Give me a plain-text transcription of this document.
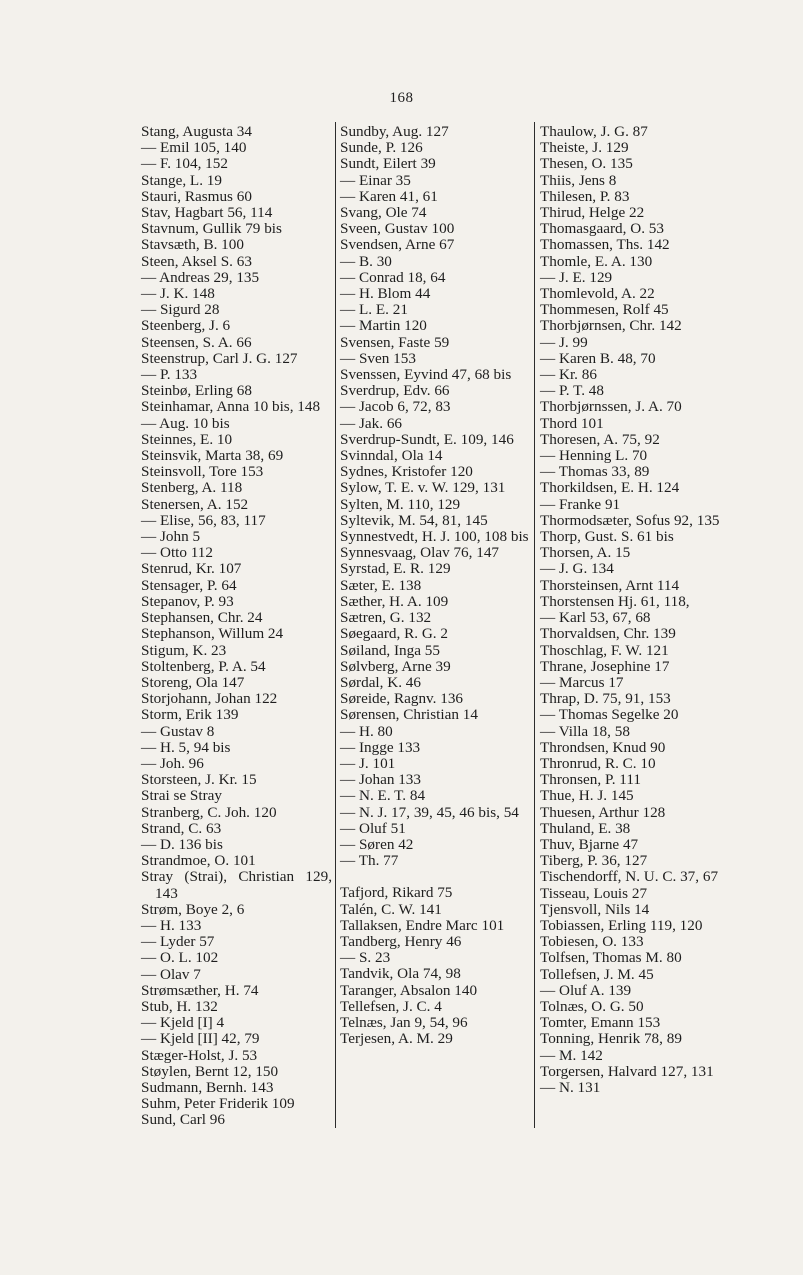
168
Stang, Augusta 34
— Emil 105, 140
— F. 104, 152
Stange, L. 19
Stauri, Rasmus 60
Stav, Hagbart 56, 114
Stavnum, Gullik 79 bis
Stavsæth, B. 100
Steen, Aksel S. 63
— Andreas 29, 135
— J. K. 148
— Sigurd 28
Steenberg, J. 6
Steensen, S. A. 66
Steenstrup, Carl J. G. 127
— P. 133
Steinbø, Erling 68
Steinhamar, Anna 10 bis, 148
— Aug. 10 bis
Steinnes, E. 10
Steinsvik, Marta 38, 69
Steinsvoll, Tore 153
Stenberg, A. 118
Stenersen, A. 152
— Elise, 56, 83, 117
— John 5
— Otto 112
Stenrud, Kr. 107
Stensager, P. 64
Stepanov, P. 93
Stephansen, Chr. 24
Stephanson, Willum 24
Stigum, K. 23
Stoltenberg, P. A. 54
Storeng, Ola 147
Storjohann, Johan 122
Storm, Erik 139
— Gustav 8
— H. 5, 94 bis
— Joh. 96
Storsteen, J. Kr. 15
Strai se Stray
Stranberg, C. Joh. 120
Strand, C. 63
— D. 136 bis
Strandmoe, O. 101
Stray (Strai), Christian 129, 143
Strøm, Boye 2, 6
— H. 133
— Lyder 57
— O. L. 102
— Olav 7
Strømsæther, H. 74
Stub, H. 132
— Kjeld [I] 4
— Kjeld [II] 42, 79
Stæger-Holst, J. 53
Støylen, Bernt 12, 150
Sudmann, Bernh. 143
Suhm, Peter Friderik 109
Sund, Carl 96
Sundby, Aug. 127
Sunde, P. 126
Sundt, Eilert 39
— Einar 35
— Karen 41, 61
Svang, Ole 74
Sveen, Gustav 100
Svendsen, Arne 67
— B. 30
— Conrad 18, 64
— H. Blom 44
— L. E. 21
— Martin 120
Svensen, Faste 59
— Sven 153
Svenssen, Eyvind 47, 68 bis
Sverdrup, Edv. 66
— Jacob 6, 72, 83
— Jak. 66
Sverdrup-Sundt, E. 109, 146
Svinndal, Ola 14
Sydnes, Kristofer 120
Sylow, T. E. v. W. 129, 131
Sylten, M. 110, 129
Syltevik, M. 54, 81, 145
Synnestvedt, H. J. 100, 108 bis
Synnesvaag, Olav 76, 147
Syrstad, E. R. 129
Sæter, E. 138
Sæther, H. A. 109
Sætren, G. 132
Søegaard, R. G. 2
Søiland, Inga 55
Sølvberg, Arne 39
Sørdal, K. 46
Søreide, Ragnv. 136
Sørensen, Christian 14
— H. 80
— Ingge 133
— J. 101
— Johan 133
— N. E. T. 84
— N. J. 17, 39, 45, 46 bis, 54
— Oluf 51
— Søren 42
— Th. 77
Tafjord, Rikard 75
Talén, C. W. 141
Tallaksen, Endre Marc 101
Tandberg, Henry 46
— S. 23
Tandvik, Ola 74, 98
Taranger, Absalon 140
Tellefsen, J. C. 4
Telnæs, Jan 9, 54, 96
Terjesen, A. M. 29
Thaulow, J. G. 87
Theiste, J. 129
Thesen, O. 135
Thiis, Jens 8
Thilesen, P. 83
Thirud, Helge 22
Thomasgaard, O. 53
Thomassen, Ths. 142
Thomle, E. A. 130
— J. E. 129
Thomlevold, A. 22
Thommesen, Rolf 45
Thorbjørnsen, Chr. 142
— J. 99
— Karen B. 48, 70
— Kr. 86
— P. T. 48
Thorbjørnssen, J. A. 70
Thord 101
Thoresen, A. 75, 92
— Henning L. 70
— Thomas 33, 89
Thorkildsen, E. H. 124
— Franke 91
Thormodsæter, Sofus 92, 135
Thorp, Gust. S. 61 bis
Thorsen, A. 15
— J. G. 134
Thorsteinsen, Arnt 114
Thorstensen Hj. 61, 118,
— Karl 53, 67, 68
Thorvaldsen, Chr. 139
Thoschlag, F. W. 121
Thrane, Josephine 17
— Marcus 17
Thrap, D. 75, 91, 153
— Thomas Segelke 20
— Villa 18, 58
Throndsen, Knud 90
Thronrud, R. C. 10
Thronsen, P. 111
Thue, H. J. 145
Thuesen, Arthur 128
Thuland, E. 38
Thuv, Bjarne 47
Tiberg, P. 36, 127
Tischendorff, N. U. C. 37, 67
Tisseau, Louis 27
Tjensvoll, Nils 14
Tobiassen, Erling 119, 120
Tobiesen, O. 133
Tolfsen, Thomas M. 80
Tollefsen, J. M. 45
— Oluf A. 139
Tolnæs, O. G. 50
Tomter, Emann 153
Tonning, Henrik 78, 89
— M. 142
Torgersen, Halvard 127, 131
— N. 131
